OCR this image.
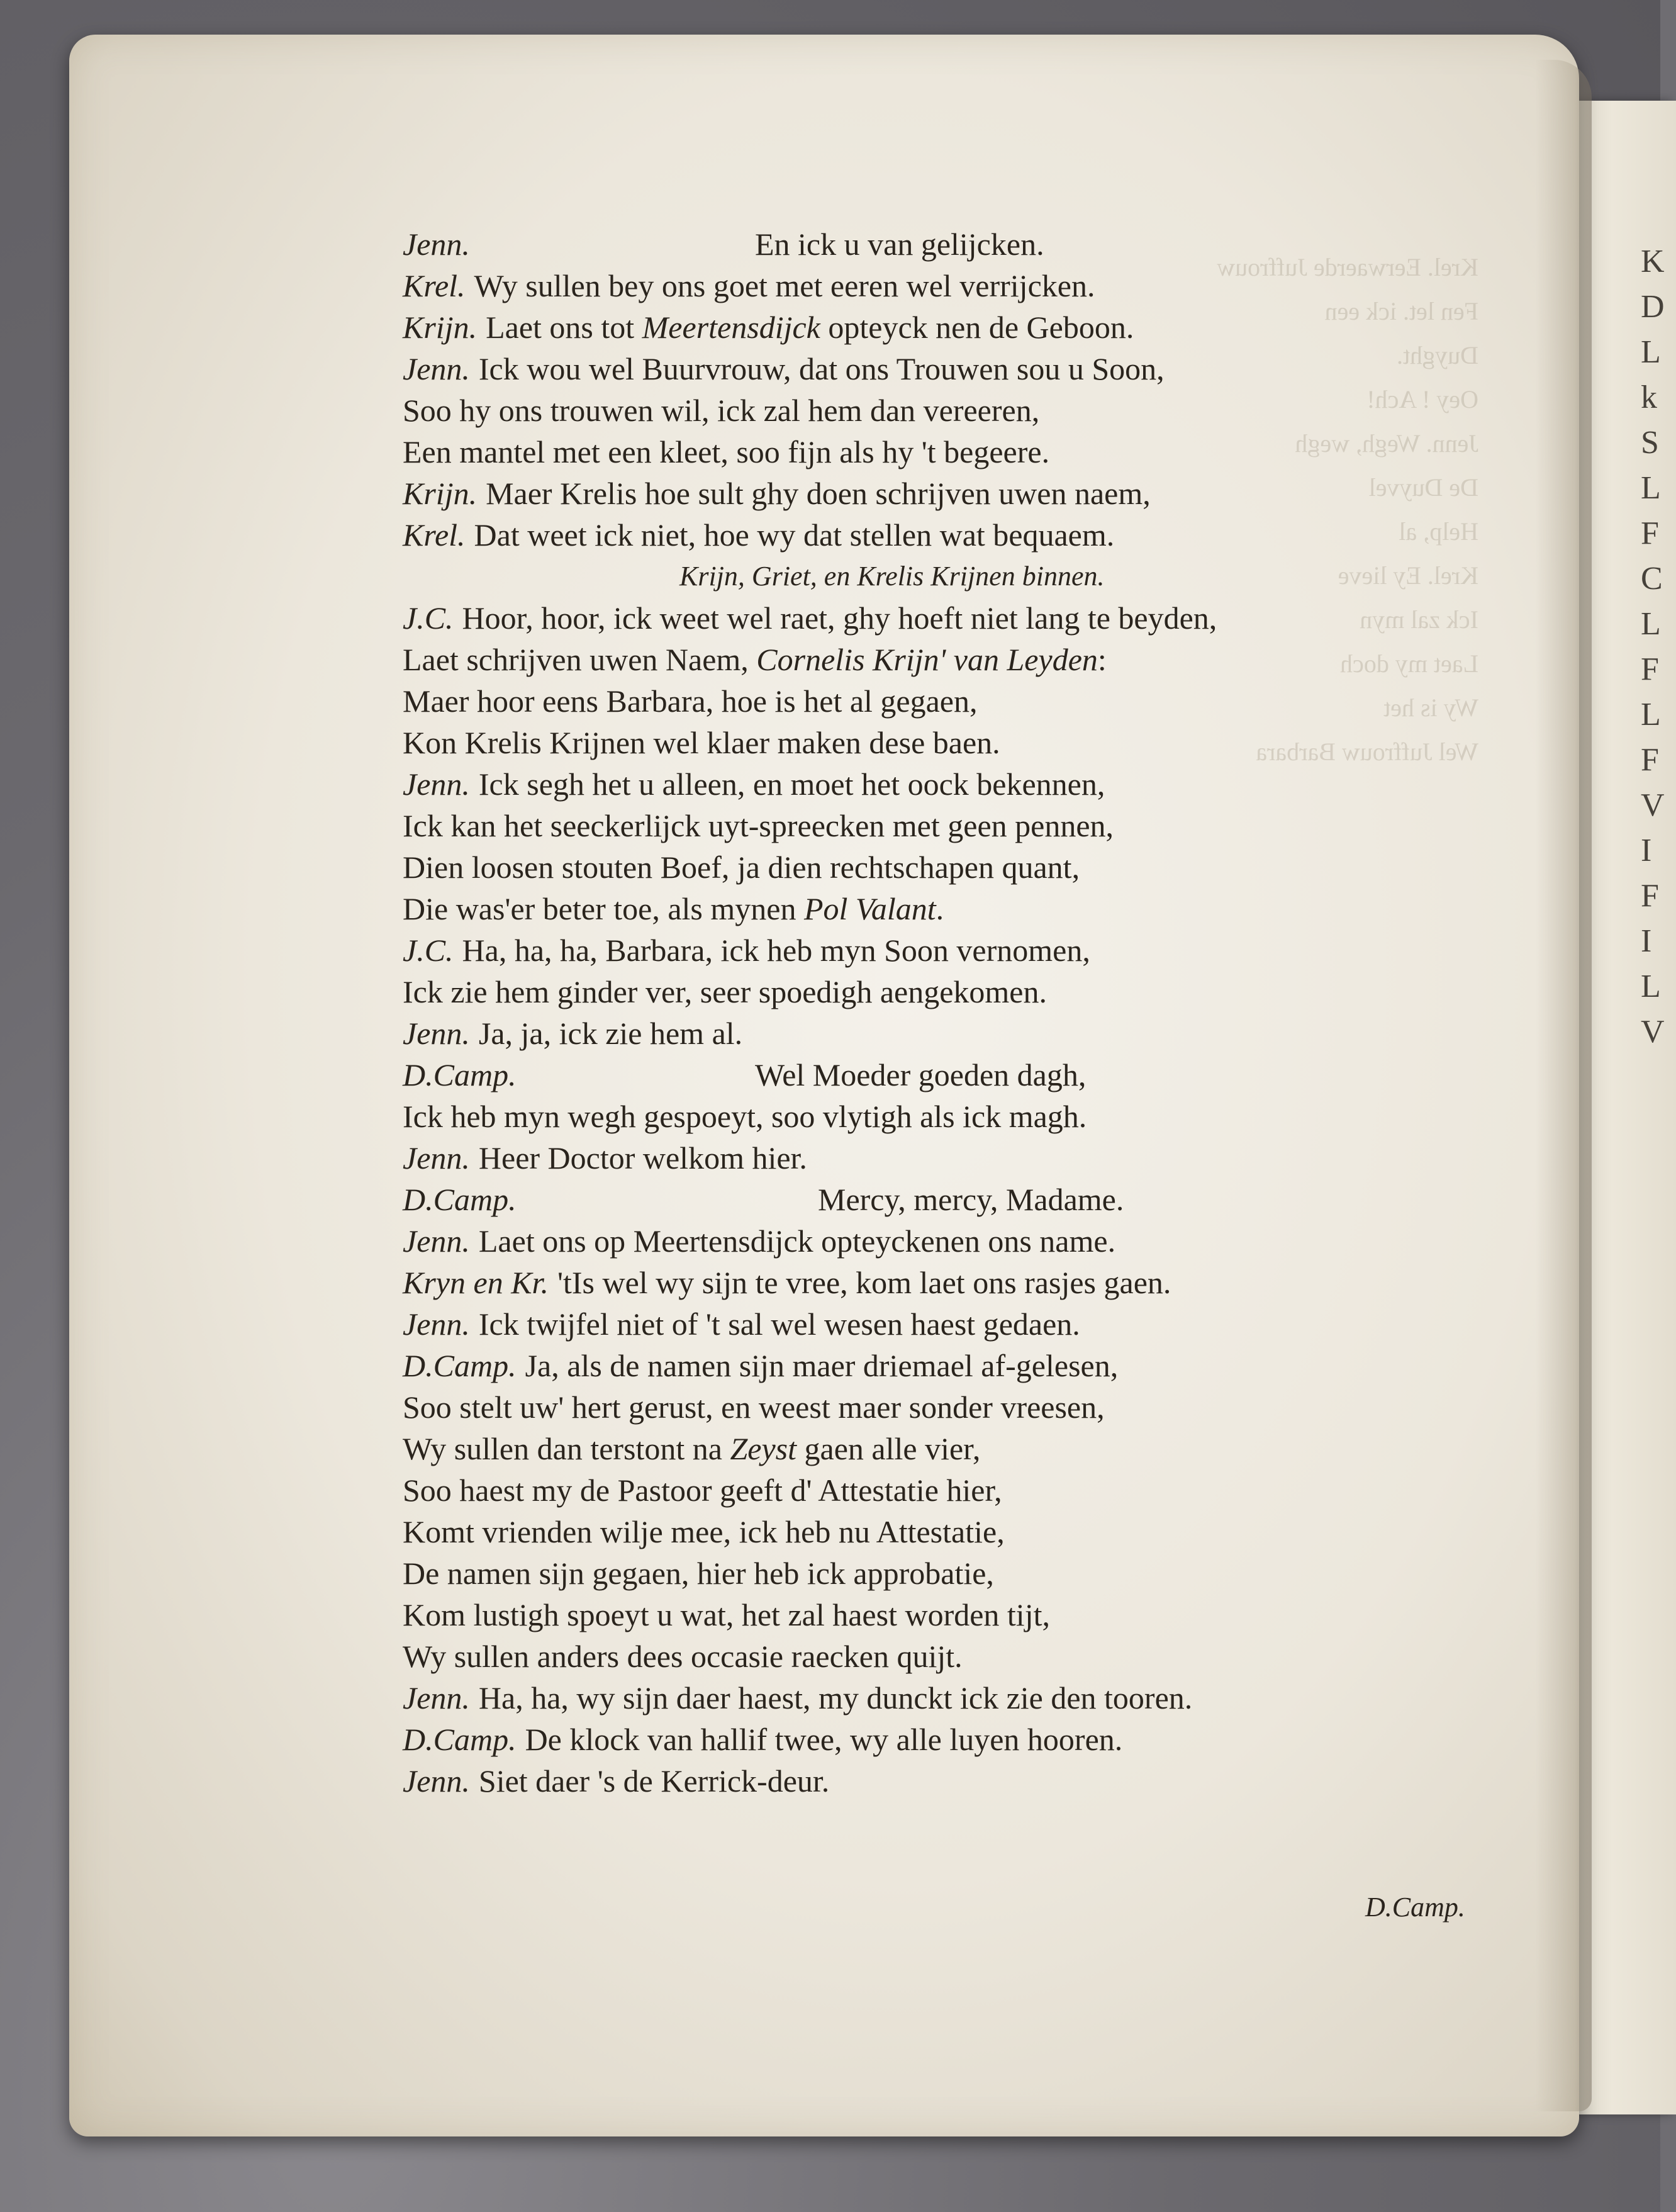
K
D
L
k
S
L
F
C
L
F
L
F
V
I
F
I
L
V
Krel. Eerwaerde Juffrouw
Fen let. ick een
Duyght.
Oey ! Ach!
Jenn. Wegh, wegh
De Duyvel
Help, al
Krel. Ey lieve
Ick zal myn
Laet my doch
Wy is het
Wel Juffrouw Barbara
Jenn.	En ick u van gelijcken.
Krel. Wy sullen bey ons goet met eeren wel verrijcken.
Krijn. Laet ons tot Meertensdijck opteyck nen de Geboon.
Jenn. Ick wou wel Buurvrouw, dat ons Trouwen sou u Soon,
Soo hy ons trouwen wil, ick zal hem dan vereeren,
Een mantel met een kleet, soo fijn als hy 't begeere.
Krijn. Maer Krelis hoe sult ghy doen schrijven uwen naem,
Krel. Dat weet ick niet, hoe wy dat stellen wat bequaem.
Krijn, Griet, en Krelis Krijnen binnen.
J.C. Hoor, hoor, ick weet wel raet, ghy hoeft niet lang te beyden,
Laet schrijven uwen Naem, Cornelis Krijn' van Leyden:
Maer hoor eens Barbara, hoe is het al gegaen,
Kon Krelis Krijnen wel klaer maken dese baen.
Jenn. Ick segh het u alleen, en moet het oock bekennen,
Ick kan het seeckerlijck uyt-spreecken met geen pennen,
Dien loosen stouten Boef, ja dien rechtschapen quant,
Die was'er beter toe, als mynen Pol Valant.
J.C. Ha, ha, ha, Barbara, ick heb myn Soon vernomen,
Ick zie hem ginder ver, seer spoedigh aengekomen.
Jenn. Ja, ja, ick zie hem al.
D.Camp.	Wel Moeder goeden dagh,
Ick heb myn wegh gespoeyt, soo vlytigh als ick magh.
Jenn. Heer Doctor welkom hier.
D.Camp.	Mercy, mercy, Madame.
Jenn. Laet ons op Meertensdijck opteyckenen ons name.
Kryn en Kr. 'tIs wel wy sijn te vree, kom laet ons rasjes gaen.
Jenn. Ick twijfel niet of 't sal wel wesen haest gedaen.
D.Camp. Ja, als de namen sijn maer driemael af-gelesen,
Soo stelt uw' hert gerust, en weest maer sonder vreesen,
Wy sullen dan terstont na Zeyst gaen alle vier,
Soo haest my de Pastoor geeft d' Attestatie hier,
Komt vrienden wilje mee, ick heb nu Attestatie,
De namen sijn gegaen, hier heb ick approbatie,
Kom lustigh spoeyt u wat, het zal haest worden tijt,
Wy sullen anders dees occasie raecken quijt.
Jenn. Ha, ha, wy sijn daer haest, my dunckt ick zie den tooren.
D.Camp. De klock van hallif twee, wy alle luyen hooren.
Jenn. Siet daer 's de Kerrick-deur.
D.Camp.
